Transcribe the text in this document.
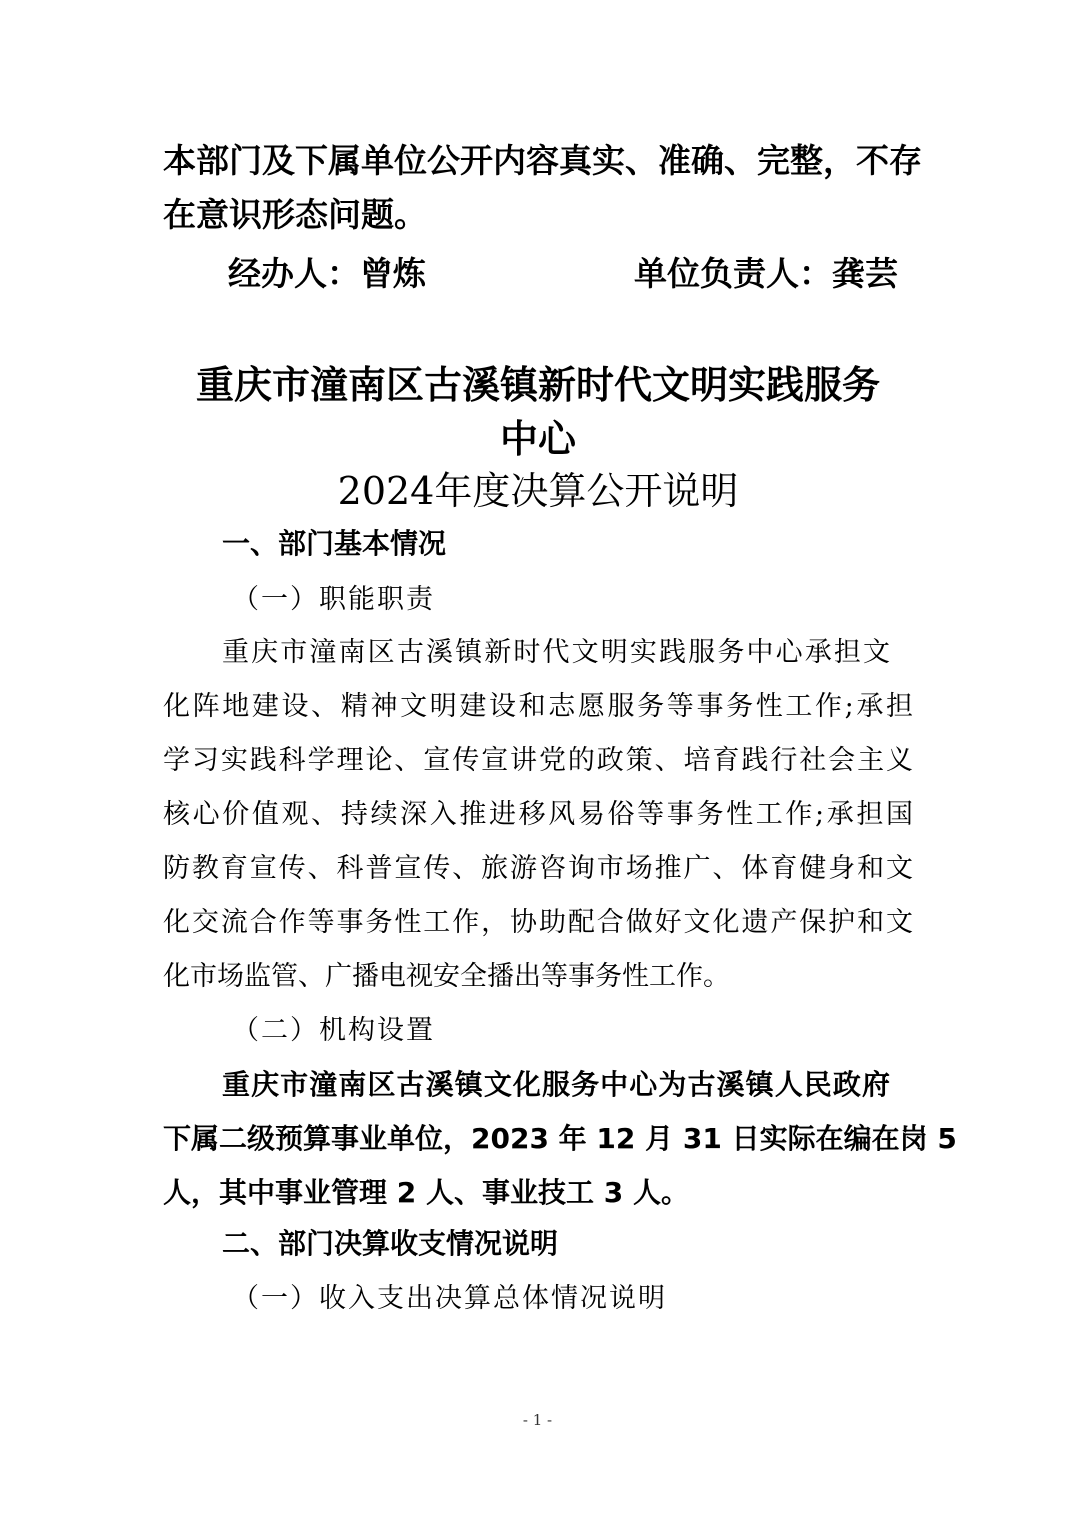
本部门及下属单位公开内容真实、准确、完整，不存
在意识形态问题。
经办人：曾炼	单位负责人：龚芸
重庆市潼南区古溪镇新时代文明实践服务
中心
2024年度决算公开说明
一、部门基本情况
（一）职能职责
重庆市潼南区古溪镇新时代文明实践服务中心承担文
化阵地建设、精神文明建设和志愿服务等事务性工作;承担
学习实践科学理论、宣传宣讲党的政策、培育践行社会主义
核心价值观、持续深入推进移风易俗等事务性工作;承担国
防教育宣传、科普宣传、旅游咨询市场推广、体育健身和文
化交流合作等事务性工作，协助配合做好文化遗产保护和文
化市场监管、广播电视安全播出等事务性工作。
（二）机构设置
重庆市潼南区古溪镇文化服务中心为古溪镇人民政府
下属二级预算事业单位，2023 年 12 月 31 日实际在编在岗 5
人，其中事业管理 2 人、事业技工 3 人。
二、部门决算收支情况说明
（一）收入支出决算总体情况说明
- 1 -
